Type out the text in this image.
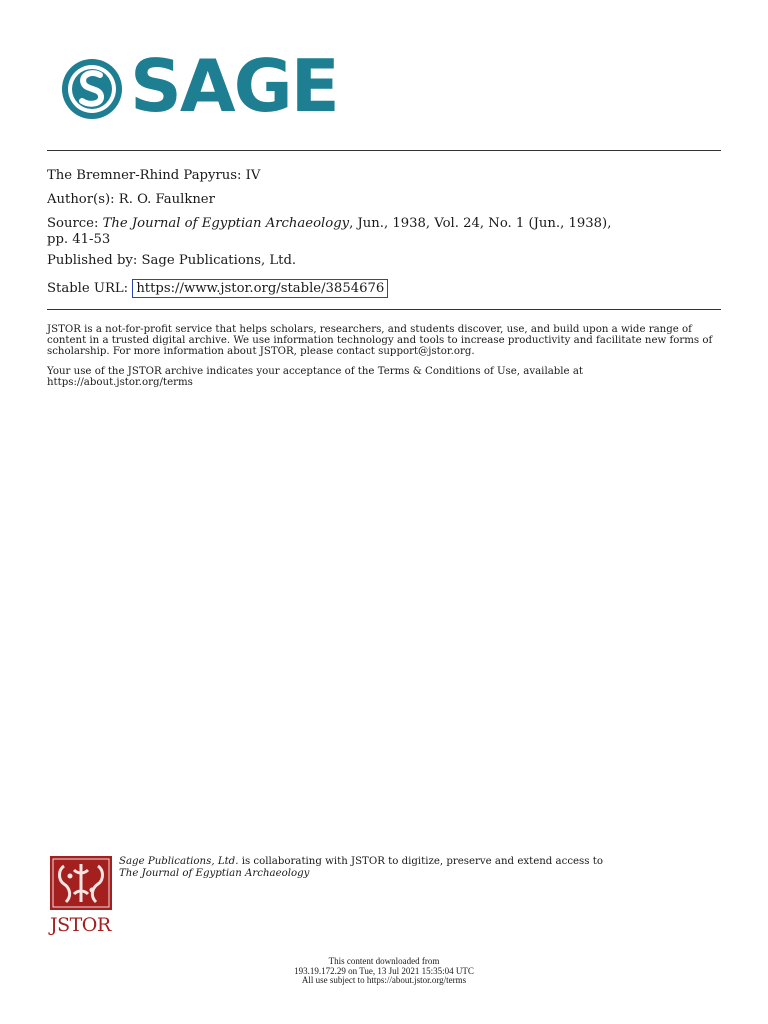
SAGE
The Bremner-Rhind Papyrus: IV
Author(s): R. O. Faulkner
Source: The Journal of Egyptian Archaeology, Jun., 1938, Vol. 24, No. 1 (Jun., 1938),
pp. 41-53
Published by: Sage Publications, Ltd.
Stable URL: https://www.jstor.org/stable/3854676
JSTOR is a not-for-profit service that helps scholars, researchers, and students discover, use, and build upon a wide range of content in a trusted digital archive. We use information technology and tools to increase productivity and facilitate new forms of scholarship. For more information about JSTOR, please contact support@jstor.org.
Your use of the JSTOR archive indicates your acceptance of the Terms & Conditions of Use, available at https://about.jstor.org/terms
JSTOR
Sage Publications, Ltd. is collaborating with JSTOR to digitize, preserve and extend access to
The Journal of Egyptian Archaeology
This content downloaded from
193.19.172.29 on Tue, 13 Jul 2021 15:35:04 UTC
All use subject to https://about.jstor.org/terms
